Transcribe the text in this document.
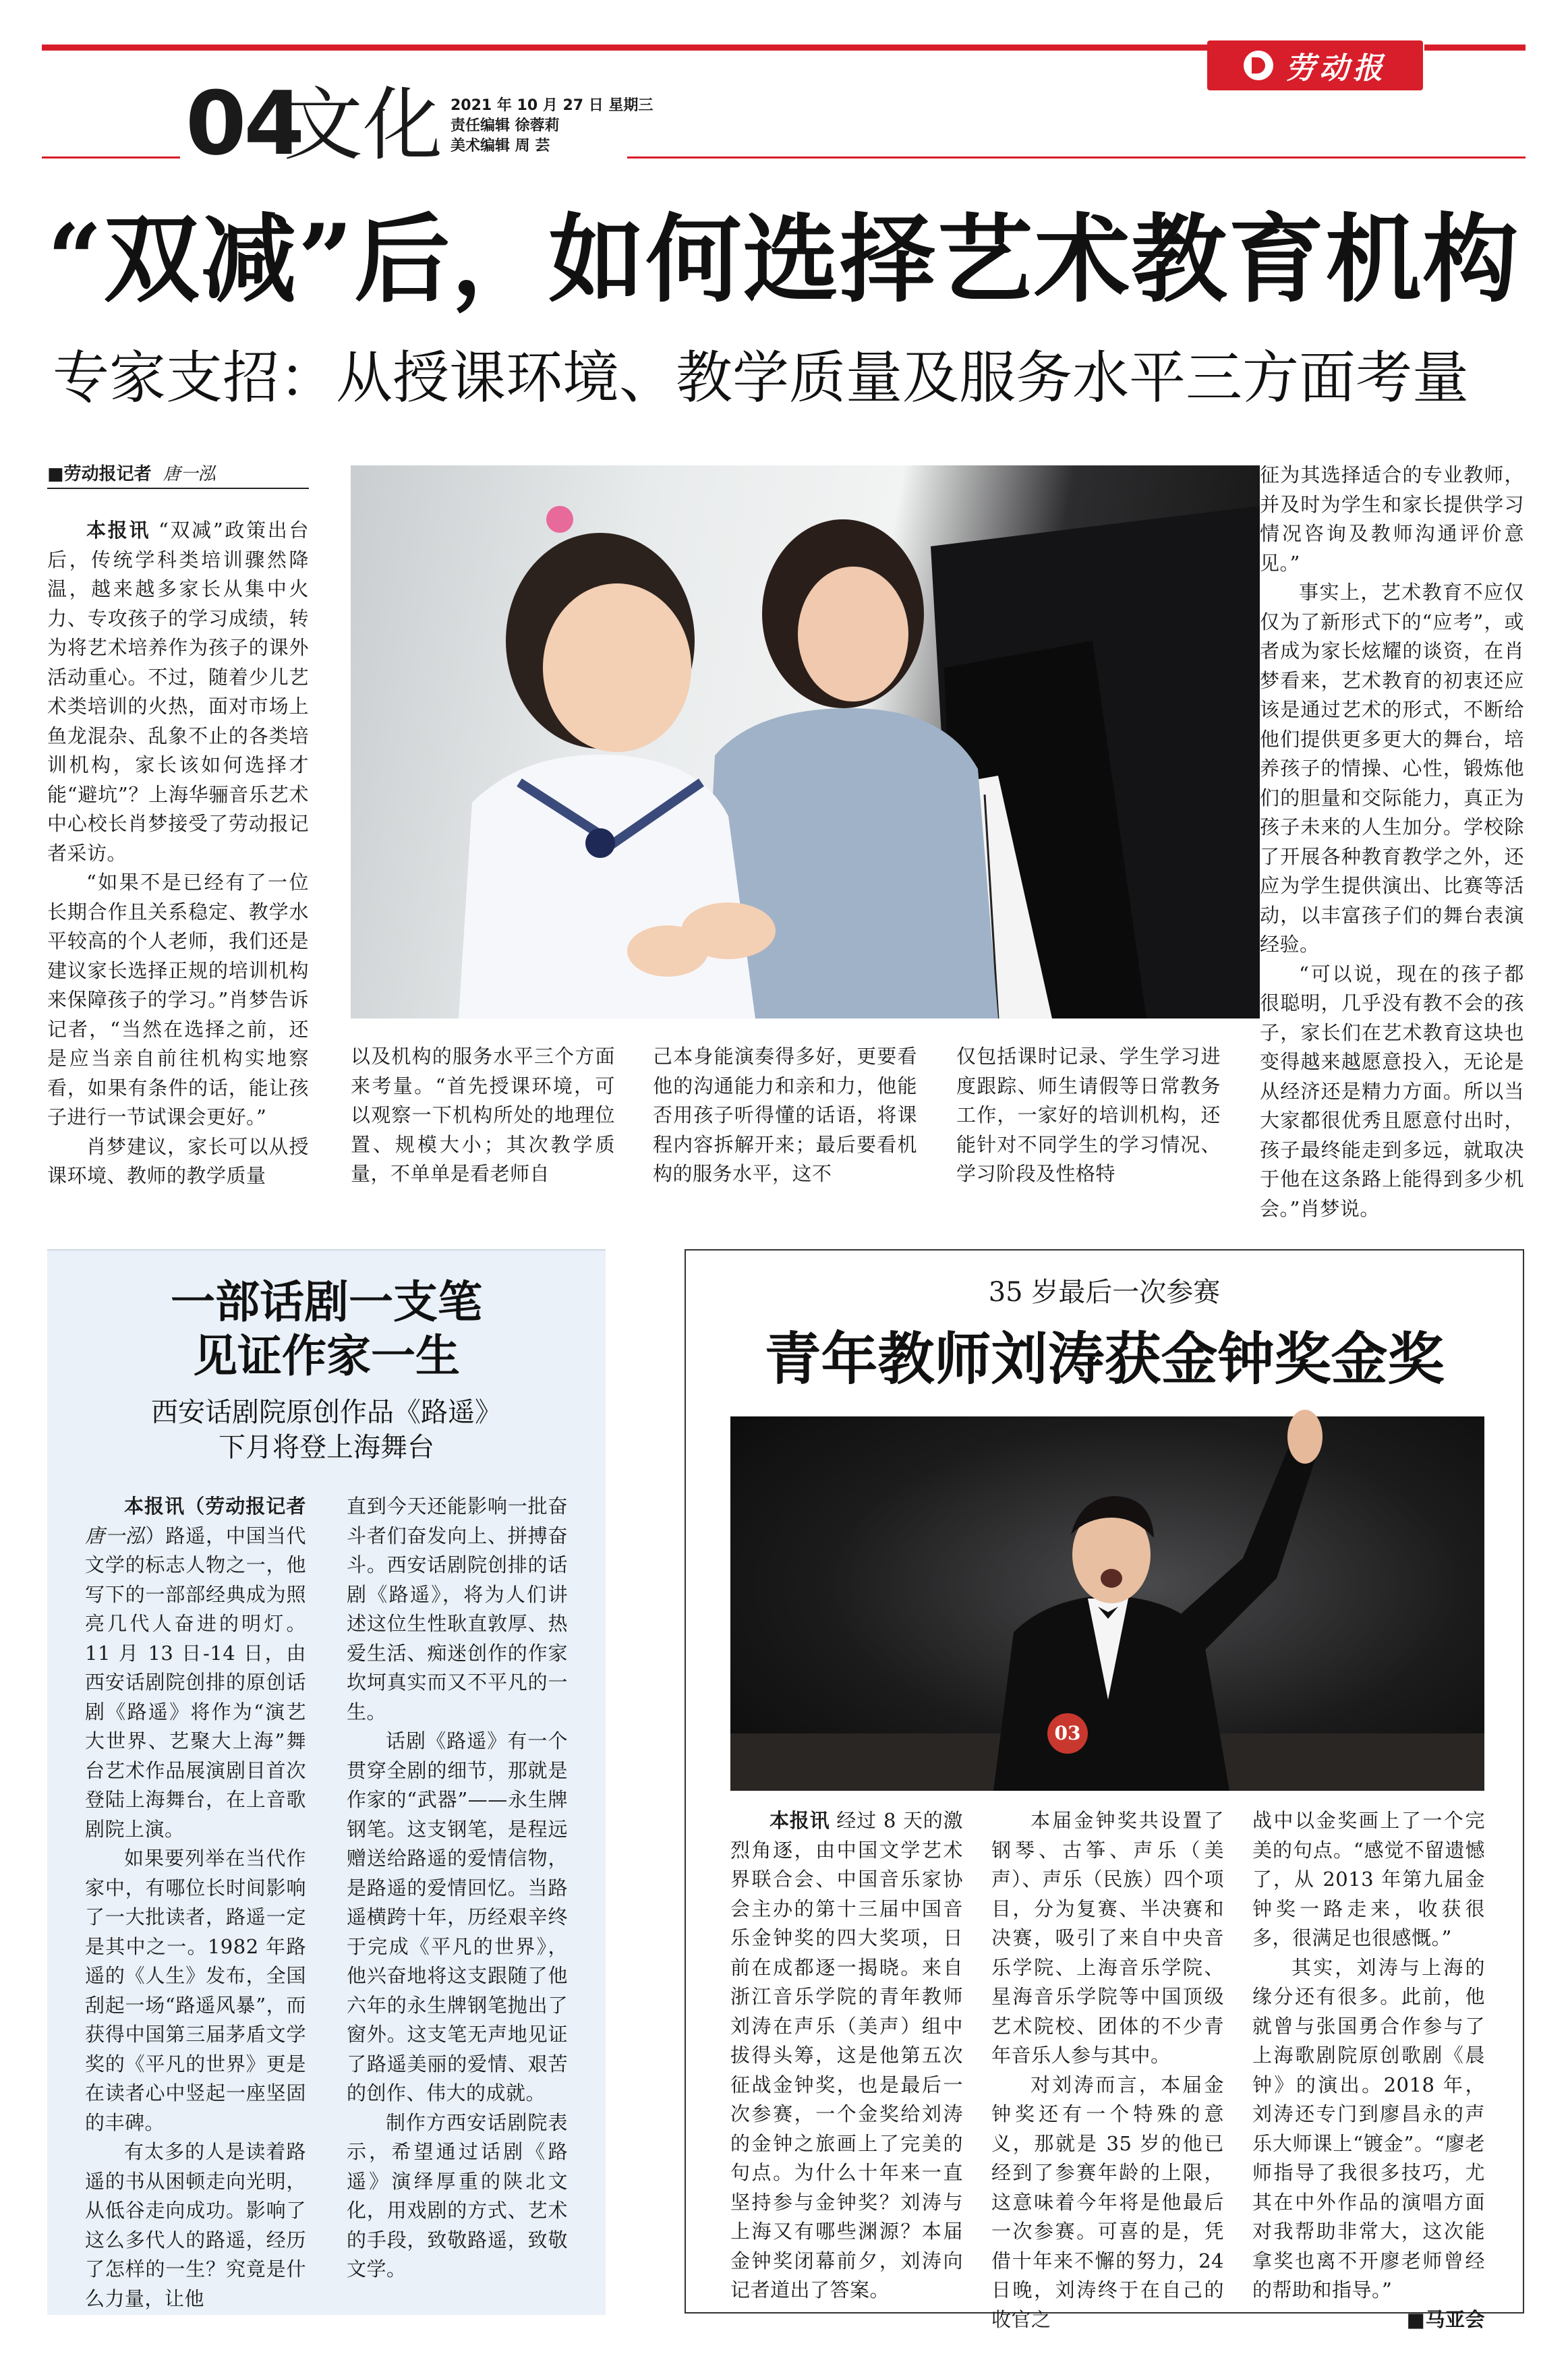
劳动报
04
文化 2021 年 10 月 27 日 星期三
责任编辑 徐蓉莉
美术编辑 周 芸
“双减”后，如何选择艺术教育机构
专家支招：从授课环境、教学质量及服务水平三方面考量
■劳动报记者 唐一泓

本报讯 “双减”政策出台后，传统学科类培训骤然降温，越来越多家长从集中火力、专攻孩子的学习成绩，转为将艺术培养作为孩子的课外活动重心。不过，随着少儿艺术类培训的火热，面对市场上鱼龙混杂、乱象不止的各类培训机构，家长该如何选择才能“避坑”？上海华骊音乐艺术中心校长肖梦接受了劳动报记者采访。

“如果不是已经有了一位长期合作且关系稳定、教学水平较高的个人老师，我们还是建议家长选择正规的培训机构来保障孩子的学习。”肖梦告诉记者，“当然在选择之前，还是应当亲自前往机构实地察看，如果有条件的话，能让孩子进行一节试课会更好。”

肖梦建议，家长可以从授课环境、教师的教学质量

以及机构的服务水平三个方面来考量。“首先授课环境，可以观察一下机构所处的地理位置、规模大小；其次教学质量，不单单是看老师自

己本身能演奏得多好，更要看他的沟通能力和亲和力，他能否用孩子听得懂的话语，将课程内容拆解开来；最后要看机构的服务水平，这不

仅包括课时记录、学生学习进度跟踪、师生请假等日常教务工作，一家好的培训机构，还能针对不同学生的学习情况、学习阶段及性格特

征为其选择适合的专业教师，并及时为学生和家长提供学习情况咨询及教师沟通评价意见。”

事实上，艺术教育不应仅仅为了新形式下的“应考”，或者成为家长炫耀的谈资，在肖梦看来，艺术教育的初衷还应该是通过艺术的形式，不断给他们提供更多更大的舞台，培养孩子的情操、心性，锻炼他们的胆量和交际能力，真正为孩子未来的人生加分。学校除了开展各种教育教学之外，还应为学生提供演出、比赛等活动，以丰富孩子们的舞台表演经验。

“可以说，现在的孩子都很聪明，几乎没有教不会的孩子，家长们在艺术教育这块也变得越来越愿意投入，无论是从经济还是精力方面。所以当大家都很优秀且愿意付出时，孩子最终能走到多远，就取决于他在这条路上能得到多少机会。”肖梦说。

一部话剧一支笔
见证作家一生
西安话剧院原创作品《路遥》
下月将登上海舞台

本报讯（劳动报记者 唐一泓）路遥，中国当代文学的标志人物之一，他写下的一部部经典成为照亮几代人奋进的明灯。11 月 13 日-14 日，由西安话剧院创排的原创话剧《路遥》将作为“演艺大世界、艺聚大上海”舞台艺术作品展演剧目首次登陆上海舞台，在上音歌剧院上演。

如果要列举在当代作家中，有哪位长时间影响了一大批读者，路遥一定是其中之一。1982 年路遥的《人生》发布，全国刮起一场“路遥风暴”，而获得中国第三届茅盾文学奖的《平凡的世界》更是在读者心中竖起一座坚固的丰碑。

有太多的人是读着路遥的书从困顿走向光明，从低谷走向成功。影响了这么多代人的路遥，经历了怎样的一生？究竟是什么力量，让他

直到今天还能影响一批奋斗者们奋发向上、拼搏奋斗。西安话剧院创排的话剧《路遥》，将为人们讲述这位生性耿直敦厚、热爱生活、痴迷创作的作家坎坷真实而又不平凡的一生。

话剧《路遥》有一个贯穿全剧的细节，那就是作家的“武器”——永生牌钢笔。这支钢笔，是程远赠送给路遥的爱情信物，是路遥的爱情回忆。当路遥横跨十年，历经艰辛终于完成《平凡的世界》，他兴奋地将这支跟随了他六年的永生牌钢笔抛出了窗外。这支笔无声地见证了路遥美丽的爱情、艰苦的创作、伟大的成就。

制作方西安话剧院表示，希望通过话剧《路遥》演绎厚重的陕北文化，用戏剧的方式、艺术的手段，致敬路遥，致敬文学。

35 岁最后一次参赛
青年教师刘涛获金钟奖金奖
03

本报讯 经过 8 天的激烈角逐，由中国文学艺术界联合会、中国音乐家协会主办的第十三届中国音乐金钟奖的四大奖项，日前在成都逐一揭晓。来自浙江音乐学院的青年教师刘涛在声乐（美声）组中拔得头筹，这是他第五次征战金钟奖，也是最后一次参赛，一个金奖给刘涛的金钟之旅画上了完美的句点。为什么十年来一直坚持参与金钟奖？刘涛与上海又有哪些渊源？本届金钟奖闭幕前夕，刘涛向记者道出了答案。

本届金钟奖共设置了钢琴、古筝、声乐（美声）、声乐（民族）四个项目，分为复赛、半决赛和决赛，吸引了来自中央音乐学院、上海音乐学院、星海音乐学院等中国顶级艺术院校、团体的不少青年音乐人参与其中。

对刘涛而言，本届金钟奖还有一个特殊的意义，那就是 35 岁的他已经到了参赛年龄的上限，这意味着今年将是他最后一次参赛。可喜的是，凭借十年来不懈的努力，24 日晚，刘涛终于在自己的收官之

战中以金奖画上了一个完美的句点。“感觉不留遗憾了，从 2013 年第九届金钟奖一路走来，收获很多，很满足也很感慨。”

其实，刘涛与上海的缘分还有很多。此前，他就曾与张国勇合作参与了上海歌剧院原创歌剧《晨钟》的演出。2018 年，刘涛还专门到廖昌永的声乐大师课上“镀金”。“廖老师指导了我很多技巧，尤其在中外作品的演唱方面对我帮助非常大，这次能拿奖也离不开廖老师曾经的帮助和指导。”

■马亚会
